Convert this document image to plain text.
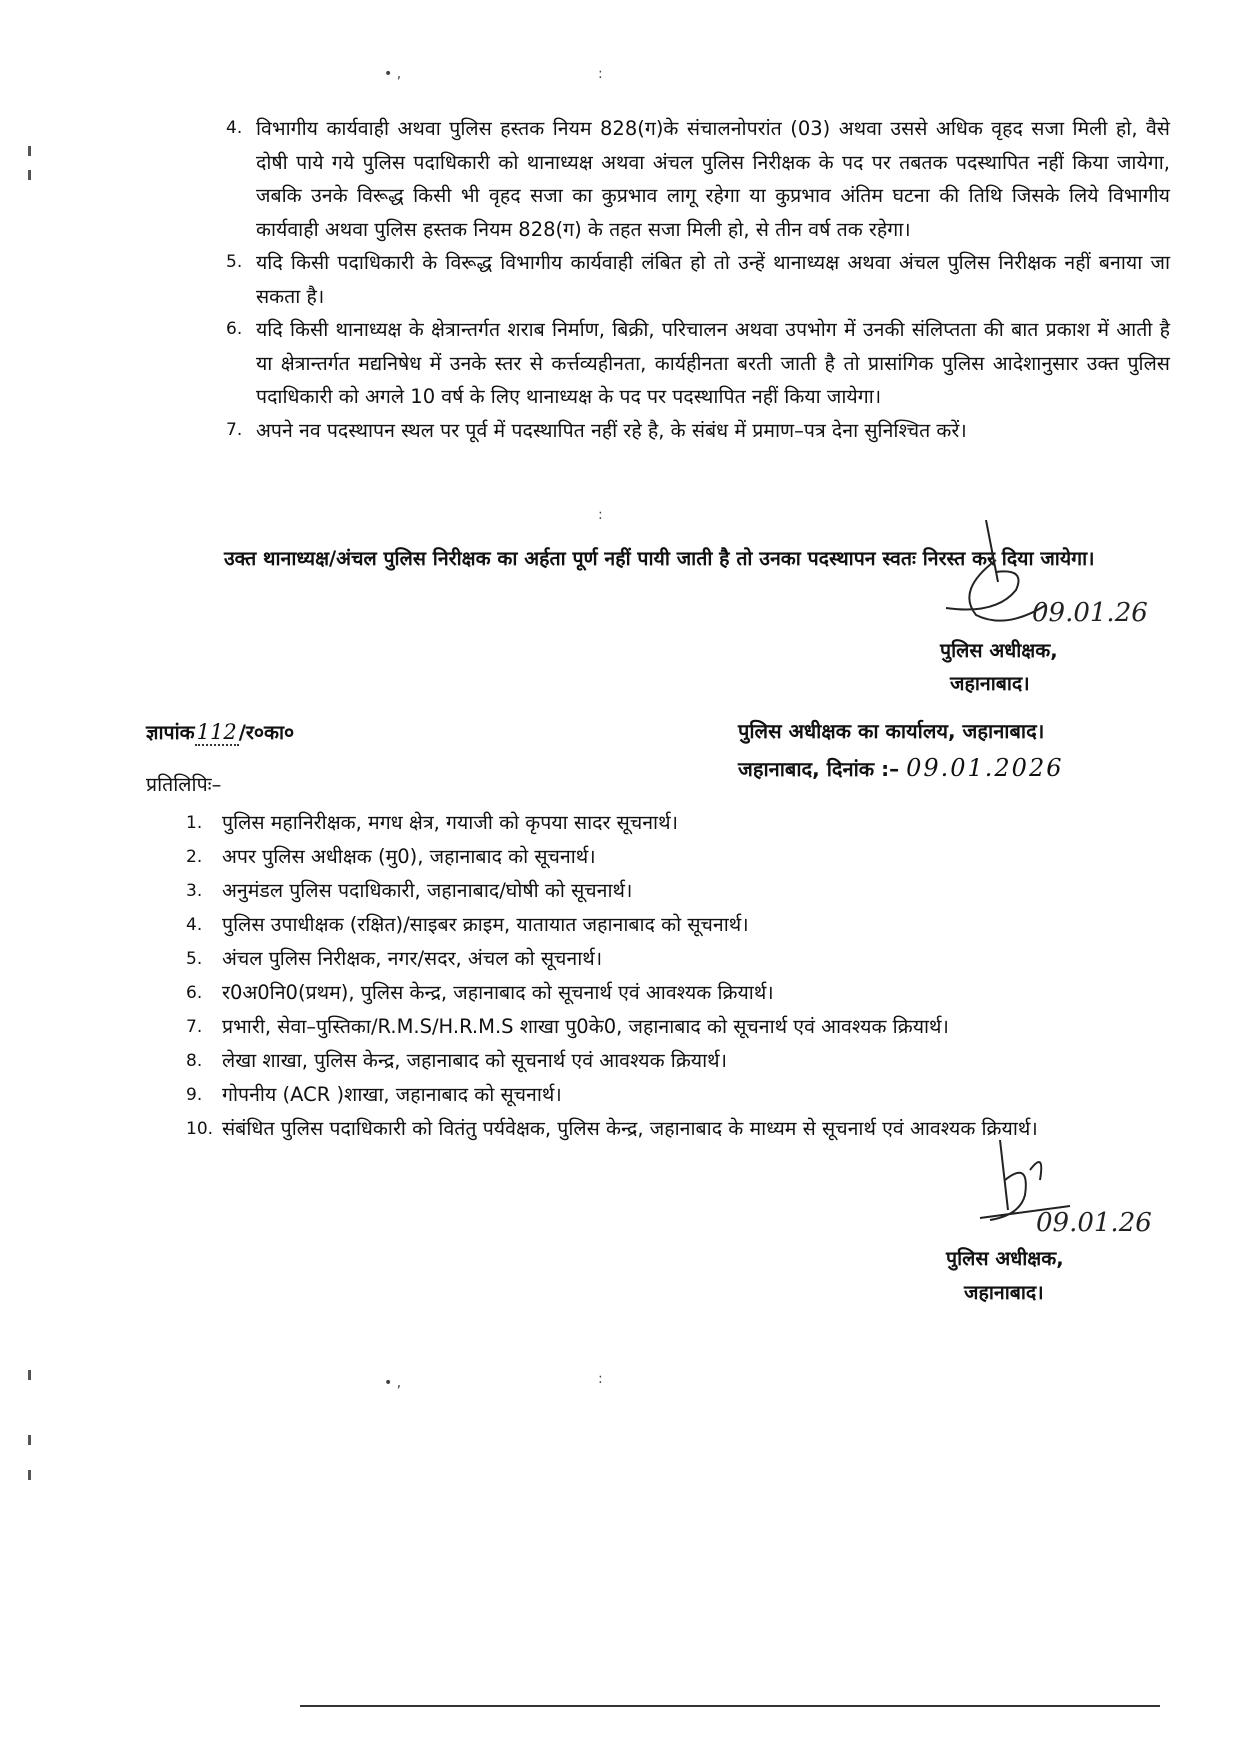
• ,	:
• ,	:
:
4. विभागीय कार्यवाही अथवा पुलिस हस्तक नियम 828(ग)के संचालनोपरांत (03) अथवा उससे अधिक वृहद सजा मिली हो, वैसे दोषी पाये गये पुलिस पदाधिकारी को थानाध्यक्ष अथवा अंचल पुलिस निरीक्षक के पद पर तबतक पदस्थापित नहीं किया जायेगा, जबकि उनके विरूद्ध किसी भी वृहद सजा का कुप्रभाव लागू रहेगा या कुप्रभाव अंतिम घटना की तिथि जिसके लिये विभागीय कार्यवाही अथवा पुलिस हस्तक नियम 828(ग) के तहत सजा मिली हो, से तीन वर्ष तक रहेगा।
5. यदि किसी पदाधिकारी के विरूद्ध विभागीय कार्यवाही लंबित हो तो उन्हें थानाध्यक्ष अथवा अंचल पुलिस निरीक्षक नहीं बनाया जा सकता है।
6. यदि किसी थानाध्यक्ष के क्षेत्रान्तर्गत शराब निर्माण, बिक्री, परिचालन अथवा उपभोग में उनकी संलिप्तता की बात प्रकाश में आती है या क्षेत्रान्तर्गत मद्यनिषेध में उनके स्तर से कर्त्तव्यहीनता, कार्यहीनता बरती जाती है तो प्रासांगिक पुलिस आदेशानुसार उक्त पुलिस पदाधिकारी को अगले 10 वर्ष के लिए थानाध्यक्ष के पद पर पदस्थापित नहीं किया जायेगा।
7. अपने नव पदस्थापन स्थल पर पूर्व में पदस्थापित नहीं रहे है, के संबंध में प्रमाण–पत्र देना सुनिश्चित करें।
उक्त थानाध्यक्ष/अंचल पुलिस निरीक्षक का अर्हता पूर्ण नहीं पायी जाती है तो उनका पदस्थापन स्वतः निरस्त कर दिया जायेगा।
09.01.26
पुलिस अधीक्षक,
जहानाबाद।
ज्ञापांक112 /र०का०	पुलिस अधीक्षक का कार्यालय, जहानाबाद।
जहानाबाद, दिनांक :– 09.01.2026
प्रतिलिपिः–
1. पुलिस महानिरीक्षक, मगध क्षेत्र, गयाजी को कृपया सादर सूचनार्थ।
2. अपर पुलिस अधीक्षक (मु0), जहानाबाद को सूचनार्थ।
3. अनुमंडल पुलिस पदाधिकारी, जहानाबाद/घोषी को सूचनार्थ।
4. पुलिस उपाधीक्षक (रक्षित)/साइबर क्राइम, यातायात जहानाबाद को सूचनार्थ।
5. अंचल पुलिस निरीक्षक, नगर/सदर, अंचल को सूचनार्थ।
6. र0अ0नि0(प्रथम), पुलिस केन्द्र, जहानाबाद को सूचनार्थ एवं आवश्यक क्रियार्थ।
7. प्रभारी, सेवा–पुस्तिका/R.M.S/H.R.M.S शाखा पु0के0, जहानाबाद को सूचनार्थ एवं आवश्यक क्रियार्थ।
8. लेखा शाखा, पुलिस केन्द्र, जहानाबाद को सूचनार्थ एवं आवश्यक क्रियार्थ।
9. गोपनीय (ACR )शाखा, जहानाबाद को सूचनार्थ।
10. संबंधित पुलिस पदाधिकारी को वितंतु पर्यवेक्षक, पुलिस केन्द्र, जहानाबाद के माध्यम से सूचनार्थ एवं आवश्यक क्रियार्थ।
09.01.26
पुलिस अधीक्षक,
जहानाबाद।
